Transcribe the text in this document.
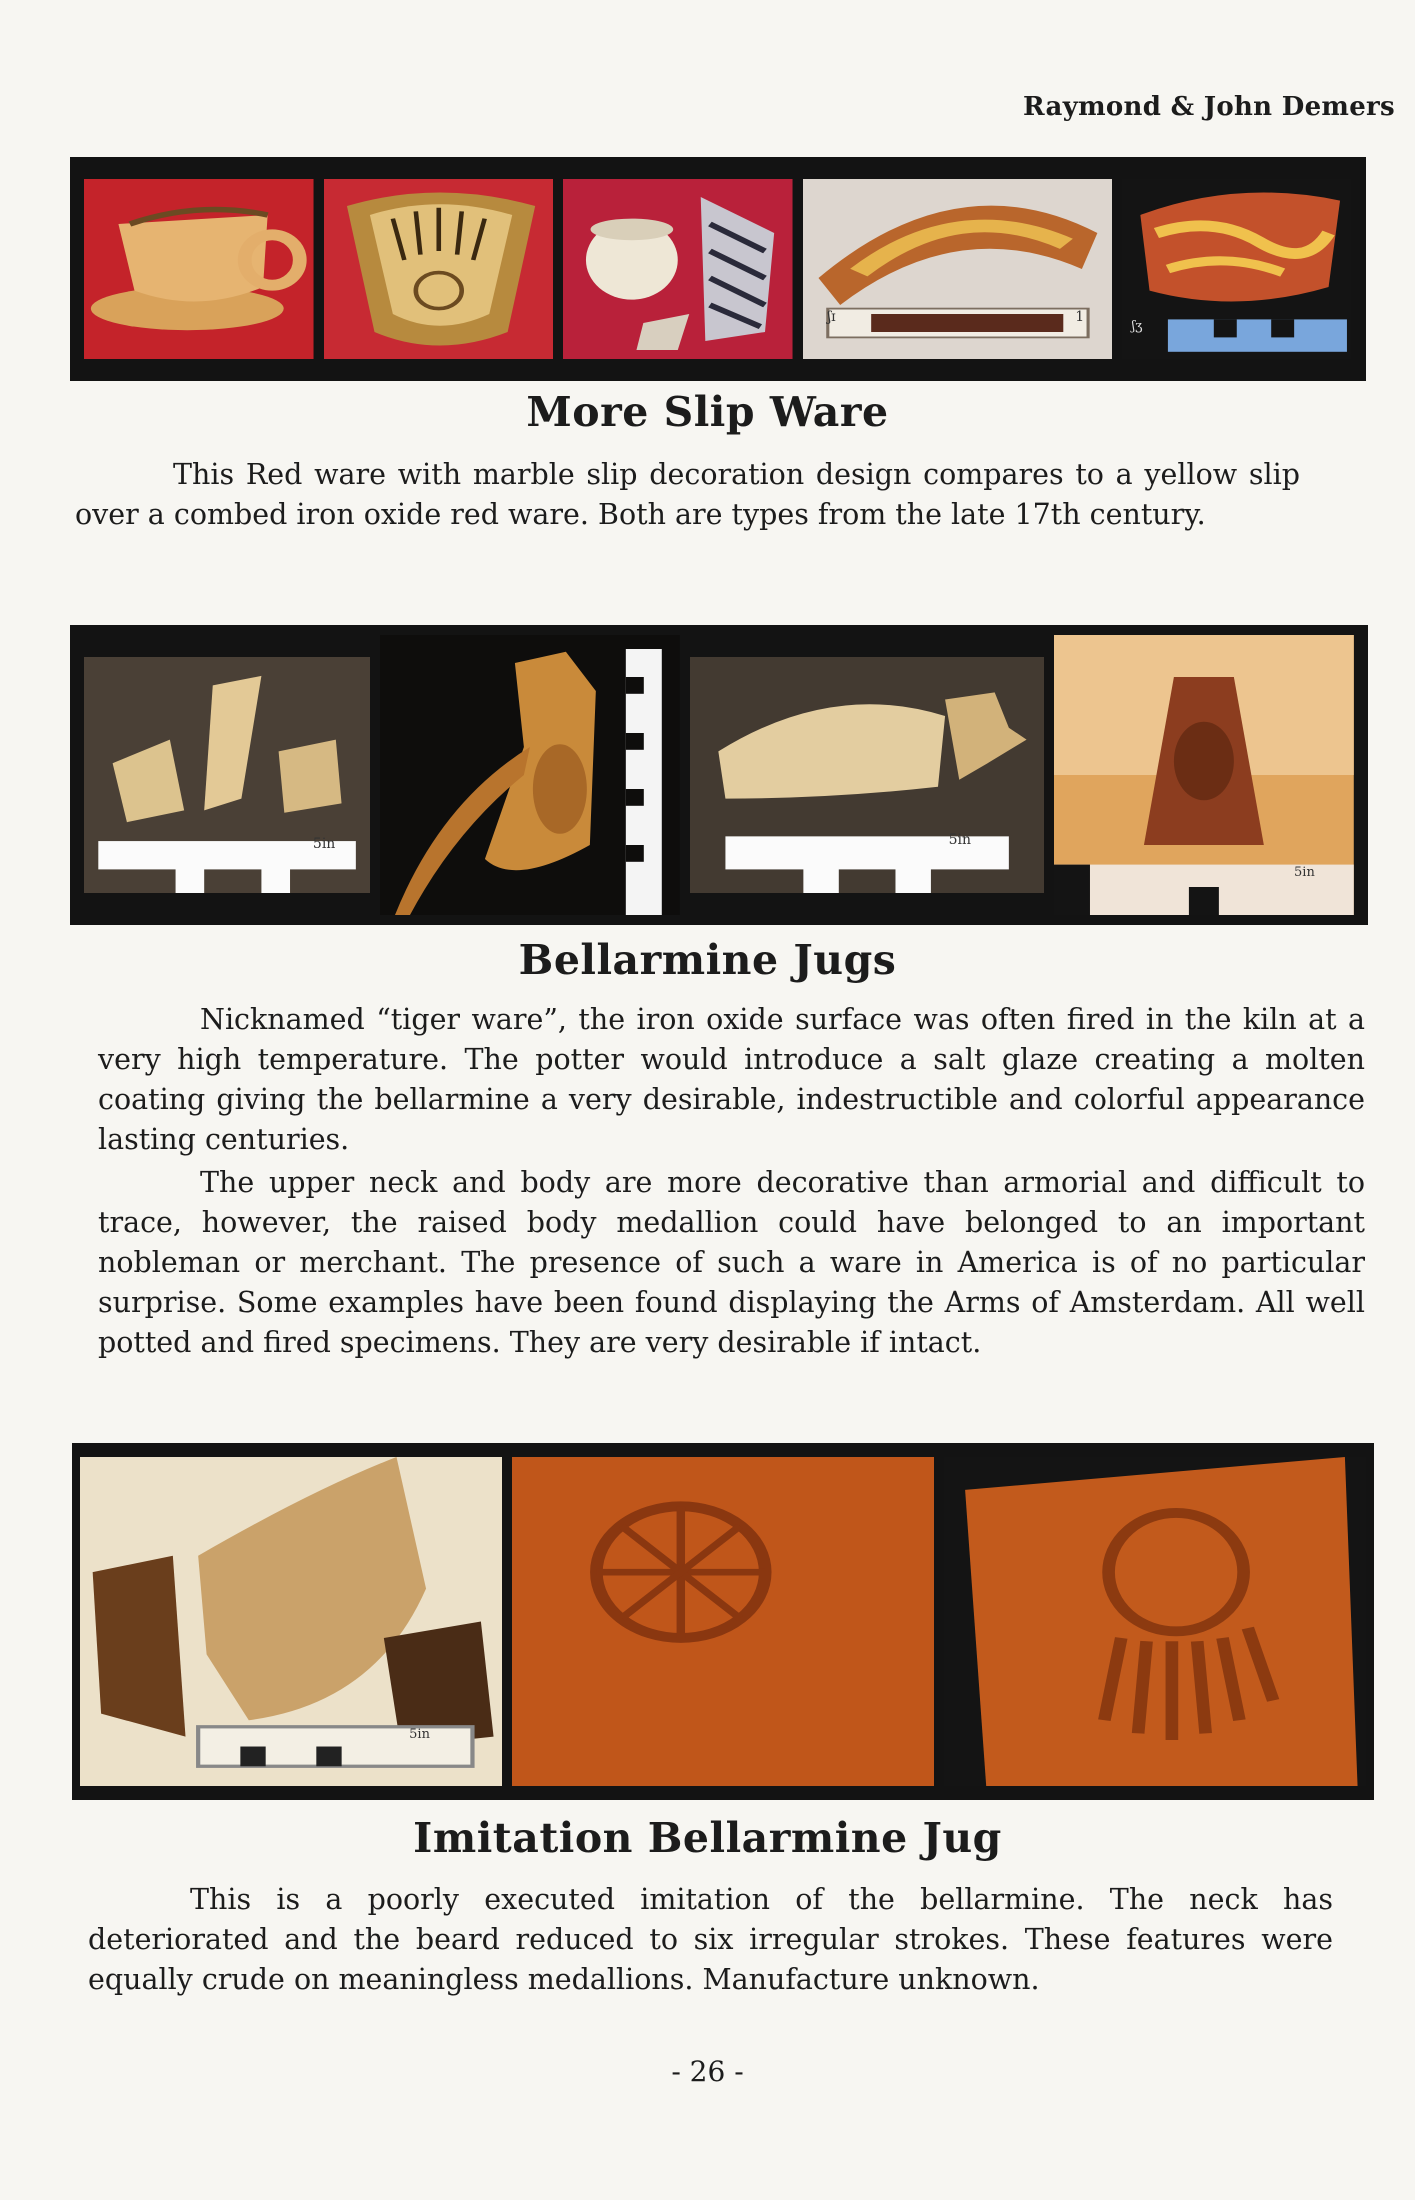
Raymond & John Demers
ʃɪ	1
ʃʒ
More Slip Ware

This Red ware with marble slip decoration design compares to a yellow slip over a combed iron oxide red ware. Both are types from the late 17th century.

5in	5in
5in
Bellarmine Jugs

Nicknamed “tiger ware”, the iron oxide surface was often fired in the kiln at a very high temperature. The potter would introduce a salt glaze creating a molten coating giving the bellarmine a very desirable, indestructible and colorful appearance lasting centuries.

The upper neck and body are more decorative than armorial and difficult to trace, however, the raised body medallion could have belonged to an important nobleman or merchant. The presence of such a ware in America is of no particular surprise. Some examples have been found displaying the Arms of Amsterdam. All well potted and fired specimens. They are very desirable if intact.

5in
Imitation Bellarmine Jug

This is a poorly executed imitation of the bellarmine. The neck has deteriorated and the beard reduced to six irregular strokes. These features were equally crude on meaningless medallions. Manufacture unknown.

- 26 -
